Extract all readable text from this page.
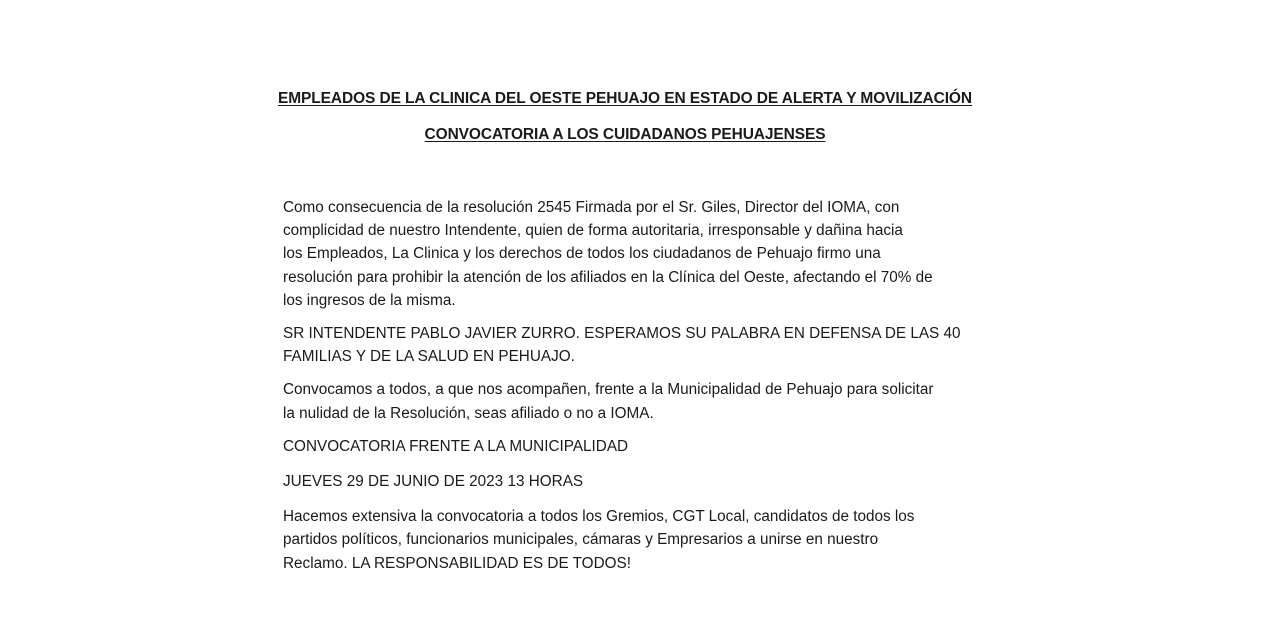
EMPLEADOS DE LA CLINICA DEL OESTE PEHUAJO EN ESTADO DE ALERTA Y MOVILIZACIÓN
CONVOCATORIA A LOS CUIDADANOS PEHUAJENSES

Como consecuencia de la resolución 2545 Firmada por el Sr. Giles, Director del IOMA, con
complicidad de nuestro Intendente, quien de forma autoritaria, irresponsable y dañina hacia
los Empleados, La Clinica y los derechos de todos los ciudadanos de Pehuajo firmo una
resolución para prohibir la atención de los afiliados en la Clínica del Oeste, afectando el 70% de
los ingresos de la misma.

SR INTENDENTE PABLO JAVIER ZURRO. ESPERAMOS SU PALABRA EN DEFENSA DE LAS 40
FAMILIAS Y DE LA SALUD EN PEHUAJO.

Convocamos a todos, a que nos acompañen, frente a la Municipalidad de Pehuajo para solicitar
la nulidad de la Resolución, seas afiliado o no a IOMA.

CONVOCATORIA FRENTE A LA MUNICIPALIDAD

JUEVES 29 DE JUNIO DE 2023 13 HORAS

Hacemos extensiva la convocatoria a todos los Gremios, CGT Local, candidatos de todos los
partidos políticos, funcionarios municipales, cámaras y Empresarios a unirse en nuestro
Reclamo. LA RESPONSABILIDAD ES DE TODOS!
